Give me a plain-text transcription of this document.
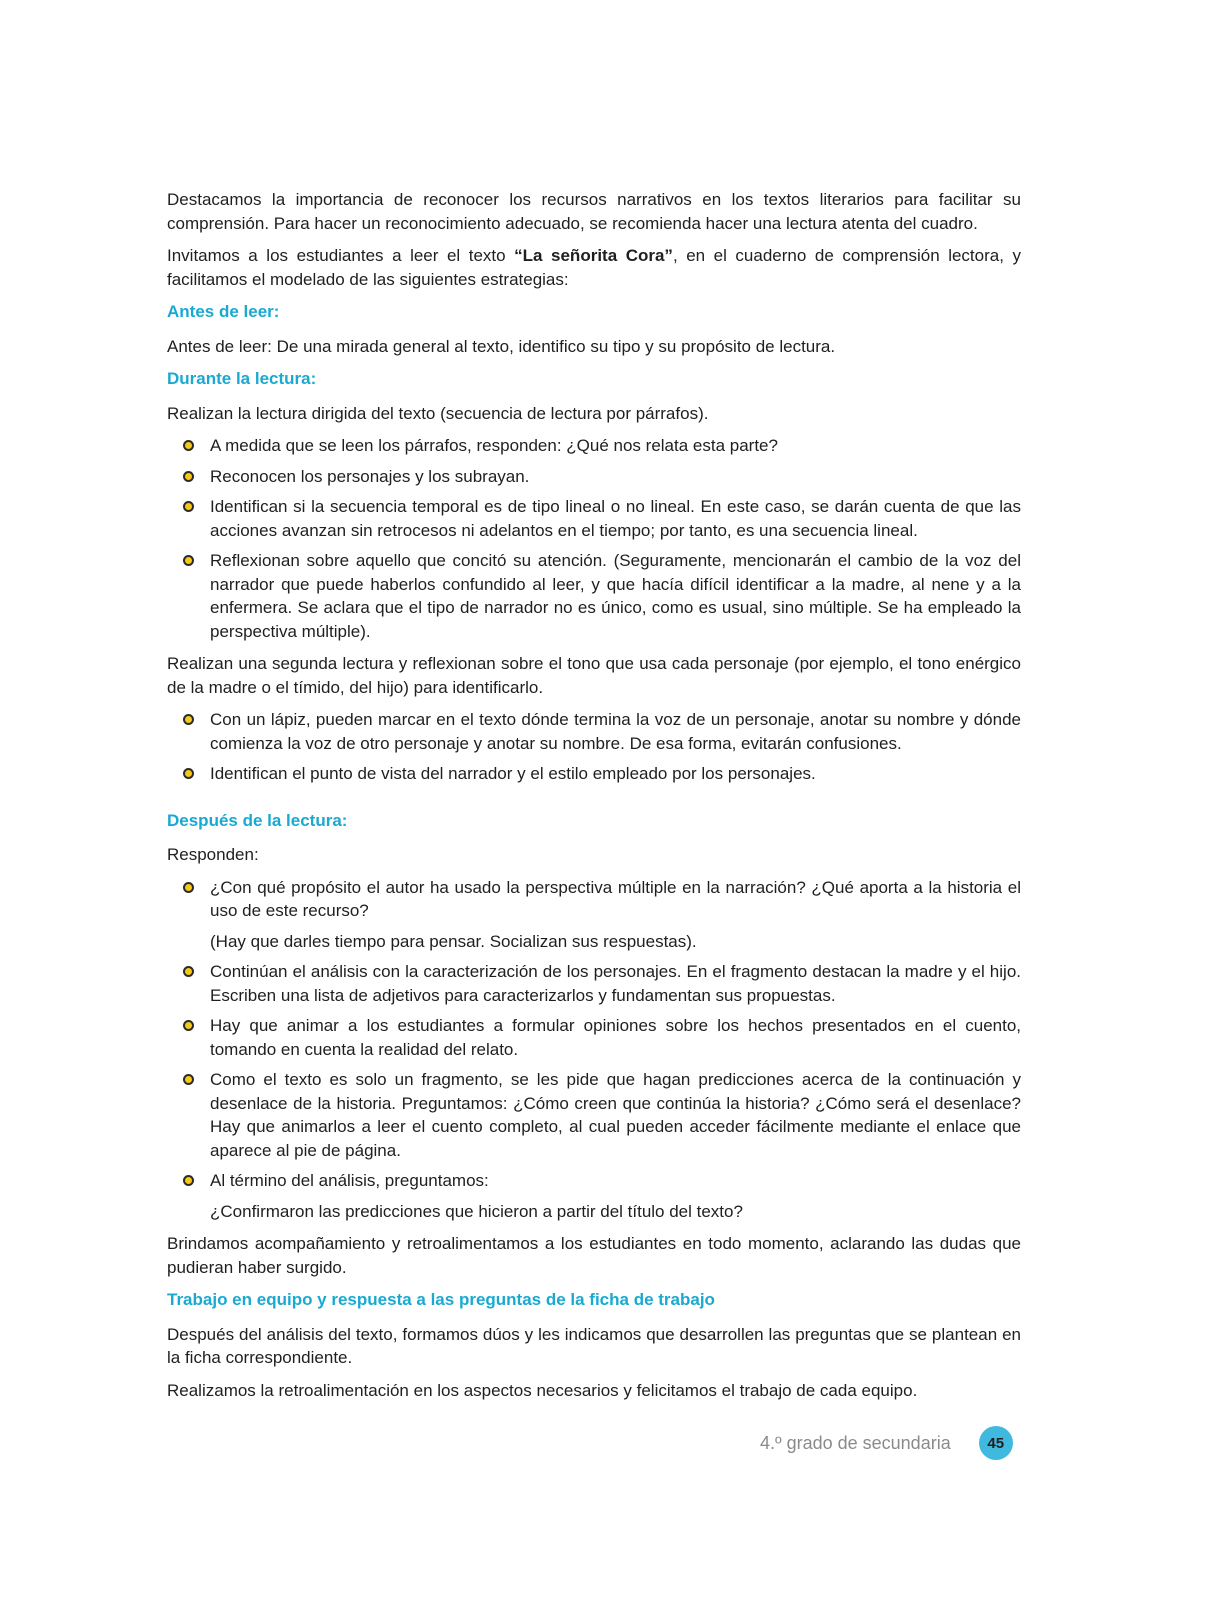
Destacamos la importancia de reconocer los recursos narrativos en los textos literarios para facilitar su comprensión. Para hacer un reconocimiento adecuado, se recomienda hacer una lectura atenta del cuadro.

Invitamos a los estudiantes a leer el texto “La señorita Cora”, en el cuaderno de comprensión lectora, y facilitamos el modelado de las siguientes estrategias:

Antes de leer:

Antes de leer: De una mirada general al texto, identifico su tipo y su propósito de lectura.

Durante la lectura:

Realizan la lectura dirigida del texto (secuencia de lectura por párrafos).

A medida que se leen los párrafos, responden: ¿Qué nos relata esta parte?
Reconocen los personajes y los subrayan.
Identifican si la secuencia temporal es de tipo lineal o no lineal. En este caso, se darán cuenta de que las acciones avanzan sin retrocesos ni adelantos en el tiempo; por tanto, es una secuencia lineal.
Reflexionan sobre aquello que concitó su atención. (Seguramente, mencionarán el cambio de la voz del narrador que puede haberlos confundido al leer, y que hacía difícil identificar a la madre, al nene y a la enfermera. Se aclara que el tipo de narrador no es único, como es usual, sino múltiple. Se ha empleado la perspectiva múltiple).

Realizan una segunda lectura y reflexionan sobre el tono que usa cada personaje (por ejemplo, el tono enérgico de la madre o el tímido, del hijo) para identificarlo.

Con un lápiz, pueden marcar en el texto dónde termina la voz de un personaje, anotar su nombre y dónde comienza la voz de otro personaje y anotar su nombre. De esa forma, evitarán confusiones.
Identifican el punto de vista del narrador y el estilo empleado por los personajes.

Después de la lectura:

Responden:

¿Con qué propósito el autor ha usado la perspectiva múltiple en la narración? ¿Qué aporta a la historia el uso de este recurso?
(Hay que darles tiempo para pensar. Socializan sus respuestas).
Continúan el análisis con la caracterización de los personajes. En el fragmento destacan la madre y el hijo. Escriben una lista de adjetivos para caracterizarlos y fundamentan sus propuestas.
Hay que animar a los estudiantes a formular opiniones sobre los hechos presentados en el cuento, tomando en cuenta la realidad del relato.
Como el texto es solo un fragmento, se les pide que hagan predicciones acerca de la continuación y desenlace de la historia. Preguntamos: ¿Cómo creen que continúa la historia? ¿Cómo será el desenlace? Hay que animarlos a leer el cuento completo, al cual pueden acceder fácilmente mediante el enlace que aparece al pie de página.
Al término del análisis, preguntamos:
¿Confirmaron las predicciones que hicieron a partir del título del texto?

Brindamos acompañamiento y retroalimentamos a los estudiantes en todo momento, aclarando las dudas que pudieran haber surgido.

Trabajo en equipo y respuesta a las preguntas de la ficha de trabajo

Después del análisis del texto, formamos dúos y les indicamos que desarrollen las preguntas que se plantean en la ficha correspondiente.

Realizamos la retroalimentación en los aspectos necesarios y felicitamos el trabajo de cada equipo.

4.º grado de secundaria	45
